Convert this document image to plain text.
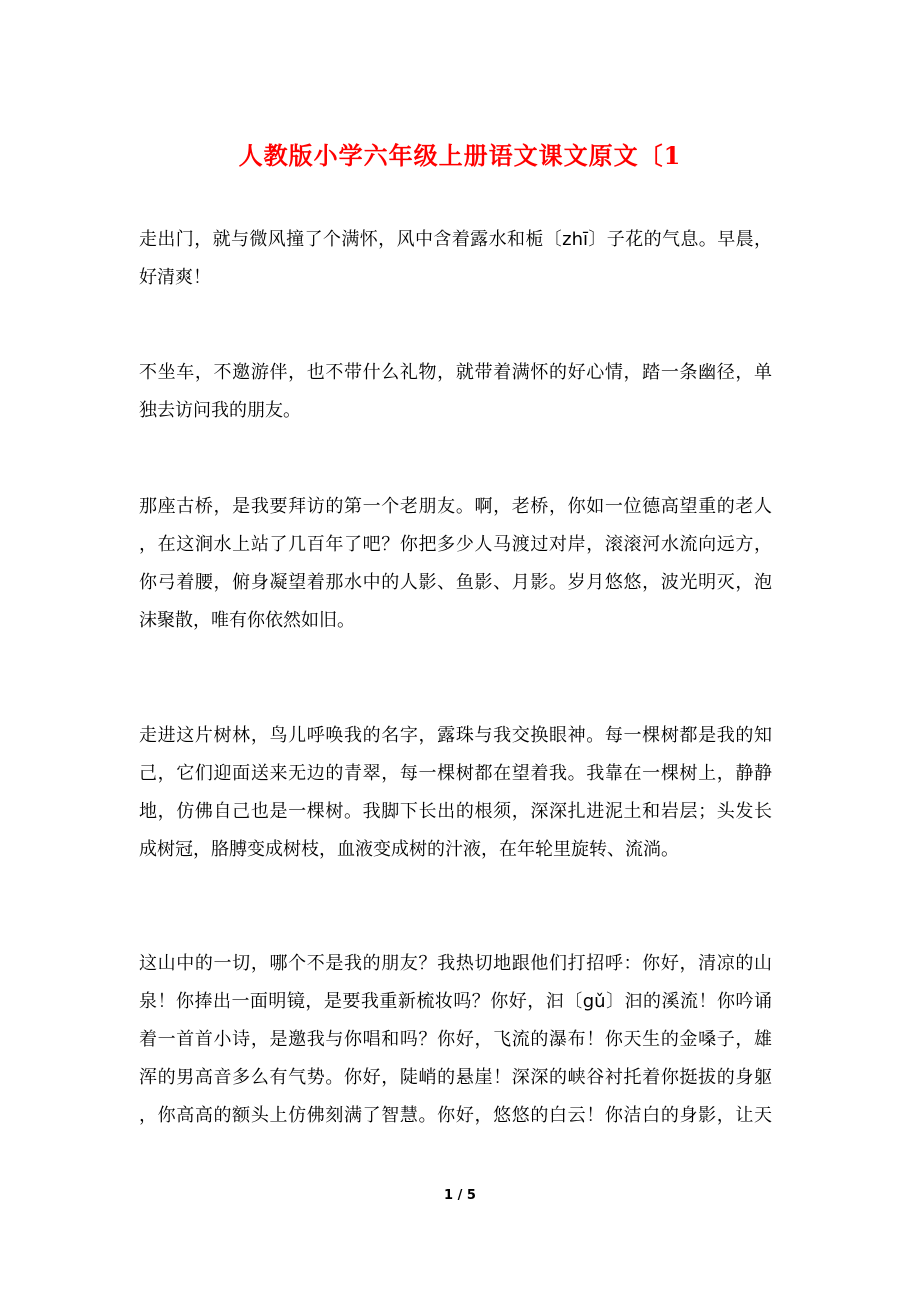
人教版小学六年级上册语文课文原文〔1
走出门，就与微风撞了个满怀，风中含着露水和栀〔zhī〕子花的气息。早晨，
好清爽！
不坐车，不邀游伴，也不带什么礼物，就带着满怀的好心情，踏一条幽径，单
独去访问我的朋友。
那座古桥，是我要拜访的第一个老朋友。啊，老桥，你如一位德高望重的老人
，在这涧水上站了几百年了吧？你把多少人马渡过对岸，滚滚河水流向远方，
你弓着腰，俯身凝望着那水中的人影、鱼影、月影。岁月悠悠，波光明灭，泡
沫聚散，唯有你依然如旧。
走进这片树林，鸟儿呼唤我的名字，露珠与我交换眼神。每一棵树都是我的知
己，它们迎面送来无边的青翠，每一棵树都在望着我。我靠在一棵树上，静静
地，仿佛自己也是一棵树。我脚下长出的根须，深深扎进泥土和岩层；头发长
成树冠，胳膊变成树枝，血液变成树的汁液，在年轮里旋转、流淌。
这山中的一切，哪个不是我的朋友？我热切地跟他们打招呼：你好，清凉的山
泉！你捧出一面明镜，是要我重新梳妆吗？你好，汩〔gǔ〕汩的溪流！你吟诵
着一首首小诗，是邀我与你唱和吗？你好，飞流的瀑布！你天生的金嗓子，雄
浑的男高音多么有气势。你好，陡峭的悬崖！深深的峡谷衬托着你挺拔的身躯
，你高高的额头上仿佛刻满了智慧。你好，悠悠的白云！你洁白的身影，让天
1 / 5
